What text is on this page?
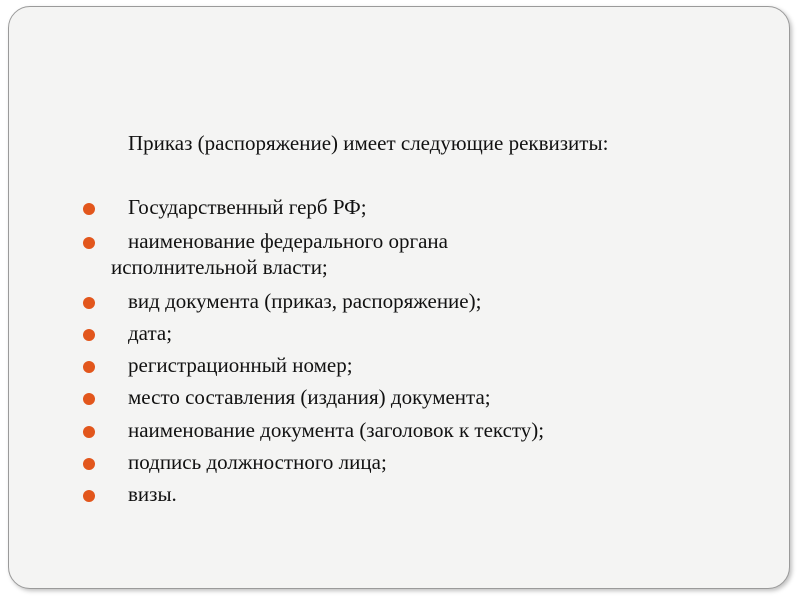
Приказ (распоряжение) имеет следующие реквизиты:
Государственный герб РФ;
наименование федерального органа
исполнительной власти;
вид документа (приказ, распоряжение);
дата;
регистрационный номер;
место составления (издания) документа;
наименование документа (заголовок к тексту);
подпись должностного лица;
визы.
